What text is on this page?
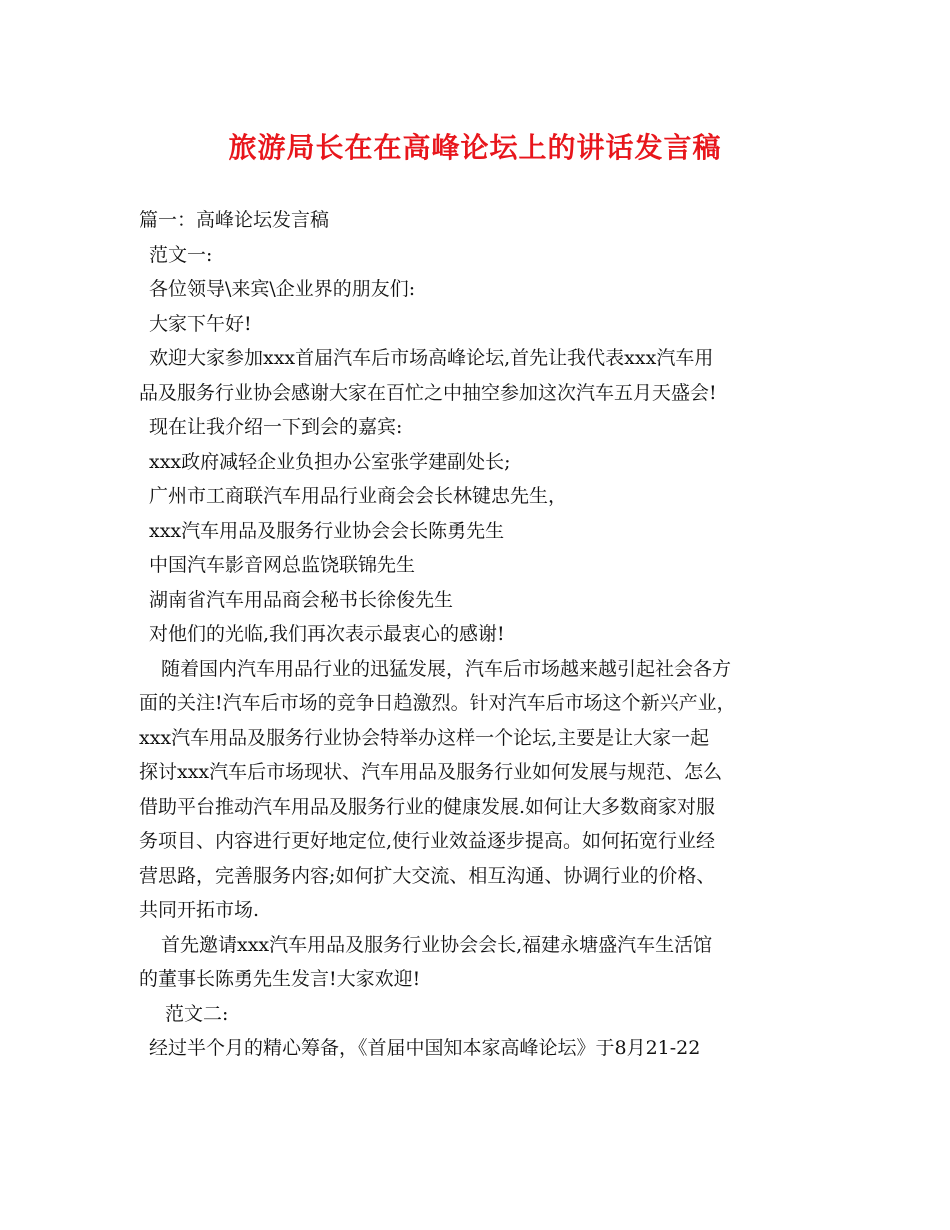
旅游局长在在高峰论坛上的讲话发言稿
篇一：高峰论坛发言稿
范文一:
各位领导\来宾\企业界的朋友们:
大家下午好!
欢迎大家参加xxx首届汽车后市场高峰论坛,首先让我代表xxx汽车用
品及服务行业协会感谢大家在百忙之中抽空参加这次汽车五月天盛会!
现在让我介绍一下到会的嘉宾:
xxx政府减轻企业负担办公室张学建副处长;
广州市工商联汽车用品行业商会会长林键忠先生，
xxx汽车用品及服务行业协会会长陈勇先生
中国汽车影音网总监饶联锦先生
湖南省汽车用品商会秘书长徐俊先生
对他们的光临,我们再次表示最衷心的感谢!
随着国内汽车用品行业的迅猛发展，汽车后市场越来越引起社会各方
面的关注!汽车后市场的竞争日趋激烈。针对汽车后市场这个新兴产业，
xxx汽车用品及服务行业协会特举办这样一个论坛,主要是让大家一起
探讨xxx汽车后市场现状、汽车用品及服务行业如何发展与规范、怎么
借助平台推动汽车用品及服务行业的健康发展.如何让大多数商家对服
务项目、内容进行更好地定位,使行业效益逐步提高。如何拓宽行业经
营思路，完善服务内容;如何扩大交流、相互沟通、协调行业的价格、
共同开拓市场.
首先邀请xxx汽车用品及服务行业协会会长,福建永塘盛汽车生活馆
的董事长陈勇先生发言!大家欢迎!
范文二:
经过半个月的精心筹备，《首届中国知本家高峰论坛》于8月21-22
